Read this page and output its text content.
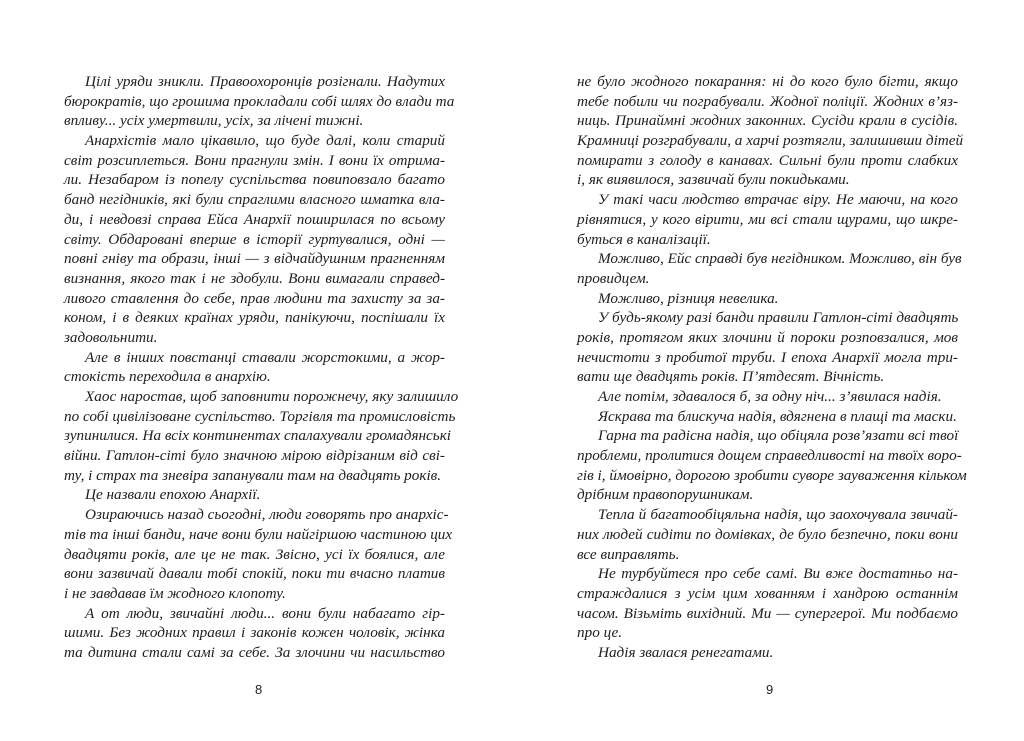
Цілі уряди зникли. Правоохоронців розігнали. Надутих
бюрократів, що грошима прокладали собі шлях до влади та
впливу... усіх умертвили, усіх, за лічені тижні.
Анархістів мало цікавило, що буде далі, коли старий
світ розсиплеться. Вони прагнули змін. І вони їх отрима-
ли. Незабаром із попелу суспільства повиповзало багато
банд негідників, які були спраглими власного шматка вла-
ди, і невдовзі справа Ейса Анархії поширилася по всьому
світу. Обдаровані вперше в історії гуртувалися, одні —
повні гніву та образи, інші — з відчайдушним прагненням
визнання, якого так і не здобули. Вони вимагали справед-
ливого ставлення до себе, прав людини та захисту за за-
коном, і в деяких країнах уряди, панікуючи, поспішали їх
задовольнити.
Але в інших повстанці ставали жорстокими, а жор-
стокість переходила в анархію.
Хаос наростав, щоб заповнити порожнечу, яку залишило
по собі цивілізоване суспільство. Торгівля та промисловість
зупинилися. На всіх континентах спалахували громадянські
війни. Гатлон-сіті було значною мірою відрізаним від сві-
ту, і страх та зневіра запанували там на двадцять років.
Це назвали епохою Анархії.
Озираючись назад сьогодні, люди говорять про анархіс-
тів та інші банди, наче вони були найгіршою частиною цих
двадцяти років, але це не так. Звісно, усі їх боялися, але
вони зазвичай давали тобі спокій, поки ти вчасно платив
і не завдавав їм жодного клопоту.
А от люди, звичайні люди... вони були набагато гір-
шими. Без жодних правил і законів кожен чоловік, жінка
та дитина стали самі за себе. За злочини чи насильство
не було жодного покарання: ні до кого було бігти, якщо
тебе побили чи пограбували. Жодної поліції. Жодних в’яз-
ниць. Принаймні жодних законних. Сусіди крали в сусідів.
Крамниці розграбували, а харчі розтягли, залишивши дітей
помирати з голоду в канавах. Сильні були проти слабких
і, як виявилося, зазвичай були покидьками.
У такі часи людство втрачає віру. Не маючи, на кого
рівнятися, у кого вірити, ми всі стали щурами, що шкре-
буться в каналізації.
Можливо, Ейс справді був негідником. Можливо, він був
провидцем.
Можливо, різниця невелика.
У будь-якому разі банди правили Гатлон-сіті двадцять
років, протягом яких злочини й пороки розповзалися, мов
нечистоти з пробитої труби. І епоха Анархії могла три-
вати ще двадцять років. П’ятдесят. Вічність.
Але потім, здавалося б, за одну ніч... з’явилася надія.
Яскрава та блискуча надія, вдягнена в плащі та маски.
Гарна та радісна надія, що обіцяла розв’язати всі твої
проблеми, пролитися дощем справедливості на твоїх воро-
гів і, ймовірно, дорогою зробити суворе зауваження кільком
дрібним правопорушникам.
Тепла й багатообіцяльна надія, що заохочувала звичай-
них людей сидіти по домівках, де було безпечно, поки вони
все виправлять.
Не турбуйтеся про себе самі. Ви вже достатньо на-
страждалися з усім цим хованням і хандрою останнім
часом. Візьміть вихідний. Ми — супергерої. Ми подбаємо
про це.
Надія звалася ренегатами.
8	9
